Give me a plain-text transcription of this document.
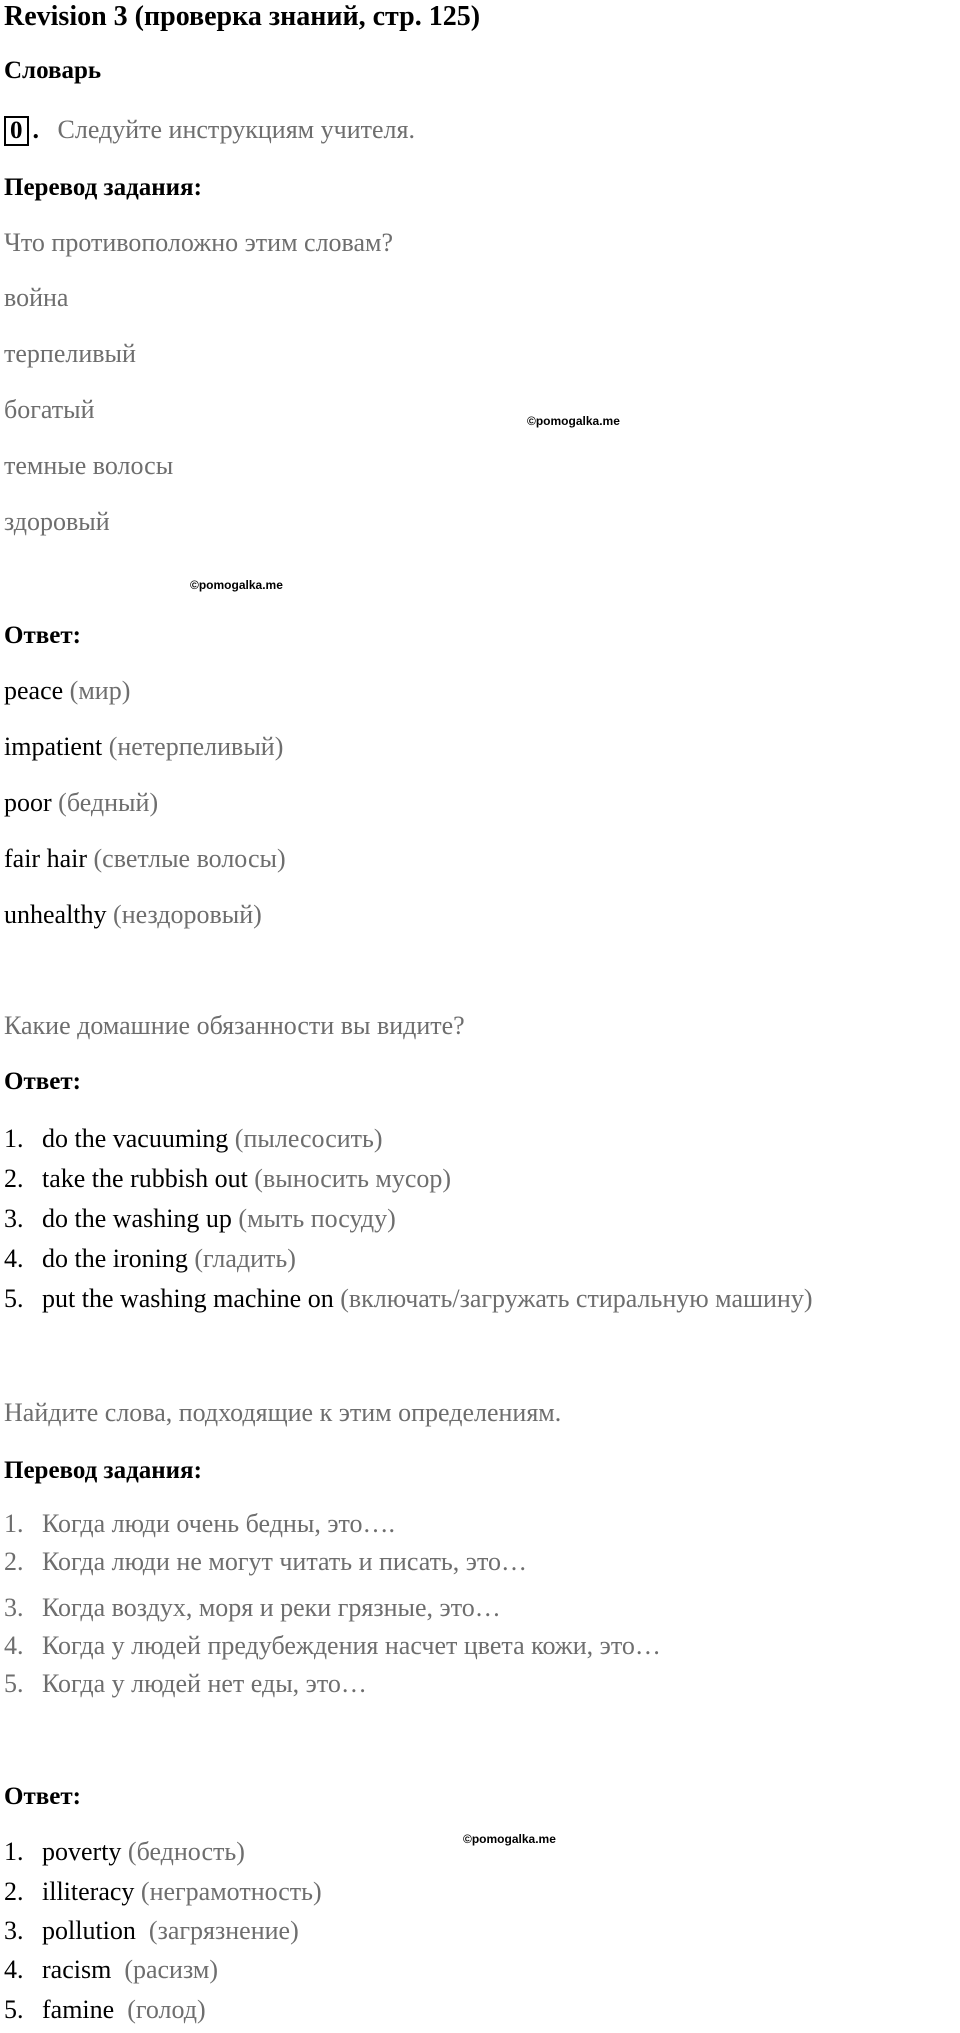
Revision 3 (проверка знаний, стр. 125)
Словарь
0 . Следуйте инструкциям учителя.
Перевод задания:
Что противоположно этим словам?
война
терпеливый
богатый
темные волосы
здоровый
©pomogalka.me
©pomogalka.me
Ответ:
peace (мир)
impatient (нетерпеливый)
poor (бедный)
fair hair (светлые волосы)
unhealthy (нездоровый)
Какие домашние обязанности вы видите?
Ответ:
1. do the vacuuming (пылесосить)
2. take the rubbish out (выносить мусор)
3. do the washing up (мыть посуду)
4. do the ironing (гладить)
5. put the washing machine on (включать/загружать стиральную машину)
Найдите слова, подходящие к этим определениям.
Перевод задания:
1. Когда люди очень бедны, это….
2. Когда люди не могут читать и писать, это…
3. Когда воздух, моря и реки грязные, это…
4. Когда у людей предубеждения насчет цвета кожи, это…
5. Когда у людей нет еды, это…
Ответ:
©pomogalka.me
1. poverty (бедность)
2. illiteracy (неграмотность)
3. pollution (загрязнение)
4. racism (расизм)
5. famine (голод)
